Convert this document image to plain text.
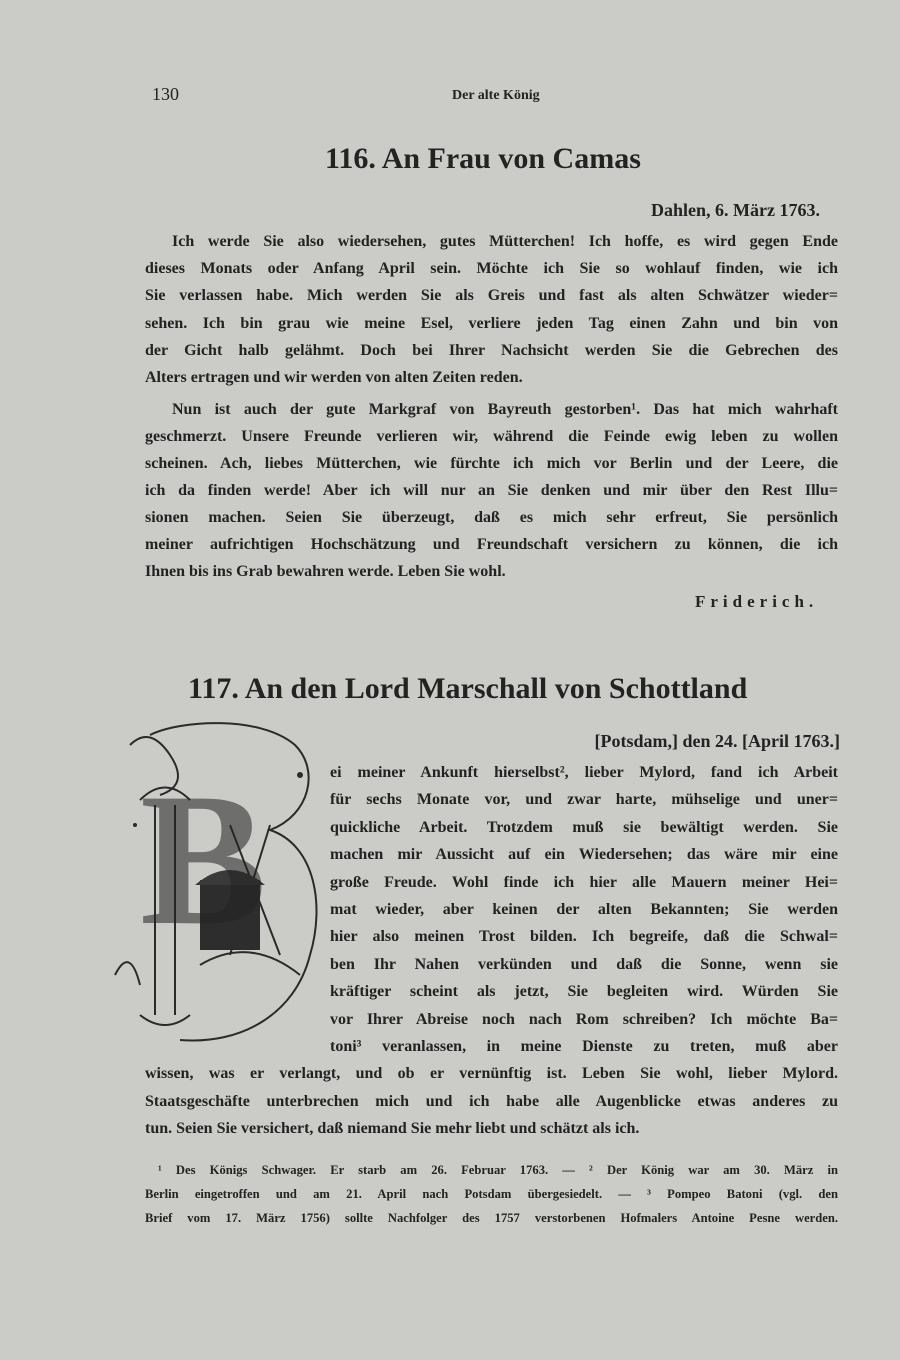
130	Der alte König
116. An Frau von Camas
Dahlen, 6. März 1763.
Ich werde Sie also wiedersehen, gutes Mütterchen! Ich hoffe, es wird gegen Ende
dieses Monats oder Anfang April sein. Möchte ich Sie so wohlauf finden, wie ich
Sie verlassen habe. Mich werden Sie als Greis und fast als alten Schwätzer wieder=
sehen. Ich bin grau wie meine Esel, verliere jeden Tag einen Zahn und bin von
der Gicht halb gelähmt. Doch bei Ihrer Nachsicht werden Sie die Gebrechen des
Alters ertragen und wir werden von alten Zeiten reden.
Nun ist auch der gute Markgraf von Bayreuth gestorben¹. Das hat mich wahrhaft
geschmerzt. Unsere Freunde verlieren wir, während die Feinde ewig leben zu wollen
scheinen. Ach, liebes Mütterchen, wie fürchte ich mich vor Berlin und der Leere, die
ich da finden werde! Aber ich will nur an Sie denken und mir über den Rest Illu=
sionen machen. Seien Sie überzeugt, daß es mich sehr erfreut, Sie persönlich
meiner aufrichtigen Hochschätzung und Freundschaft versichern zu können, die ich
Ihnen bis ins Grab bewahren werde. Leben Sie wohl.
Friderich.
117. An den Lord Marschall von Schottland
[Potsdam,] den 24. [April 1763.]
B	ei meiner Ankunft hierselbst², lieber Mylord, fand ich Arbeit
für sechs Monate vor, und zwar harte, mühselige und uner=
quickliche Arbeit. Trotzdem muß sie bewältigt werden. Sie
machen mir Aussicht auf ein Wiedersehen; das wäre mir eine
große Freude. Wohl finde ich hier alle Mauern meiner Hei=
mat wieder, aber keinen der alten Bekannten; Sie werden
hier also meinen Trost bilden. Ich begreife, daß die Schwal=
ben Ihr Nahen verkünden und daß die Sonne, wenn sie
kräftiger scheint als jetzt, Sie begleiten wird. Würden Sie
vor Ihrer Abreise noch nach Rom schreiben? Ich möchte Ba=
toni³ veranlassen, in meine Dienste zu treten, muß aber
wissen, was er verlangt, und ob er vernünftig ist. Leben Sie wohl, lieber Mylord.
Staatsgeschäfte unterbrechen mich und ich habe alle Augenblicke etwas anderes zu
tun. Seien Sie versichert, daß niemand Sie mehr liebt und schätzt als ich.
¹ Des Königs Schwager. Er starb am 26. Februar 1763. — ² Der König war am 30. März in
Berlin eingetroffen und am 21. April nach Potsdam übergesiedelt. — ³ Pompeo Batoni (vgl. den
Brief vom 17. März 1756) sollte Nachfolger des 1757 verstorbenen Hofmalers Antoine Pesne werden.
